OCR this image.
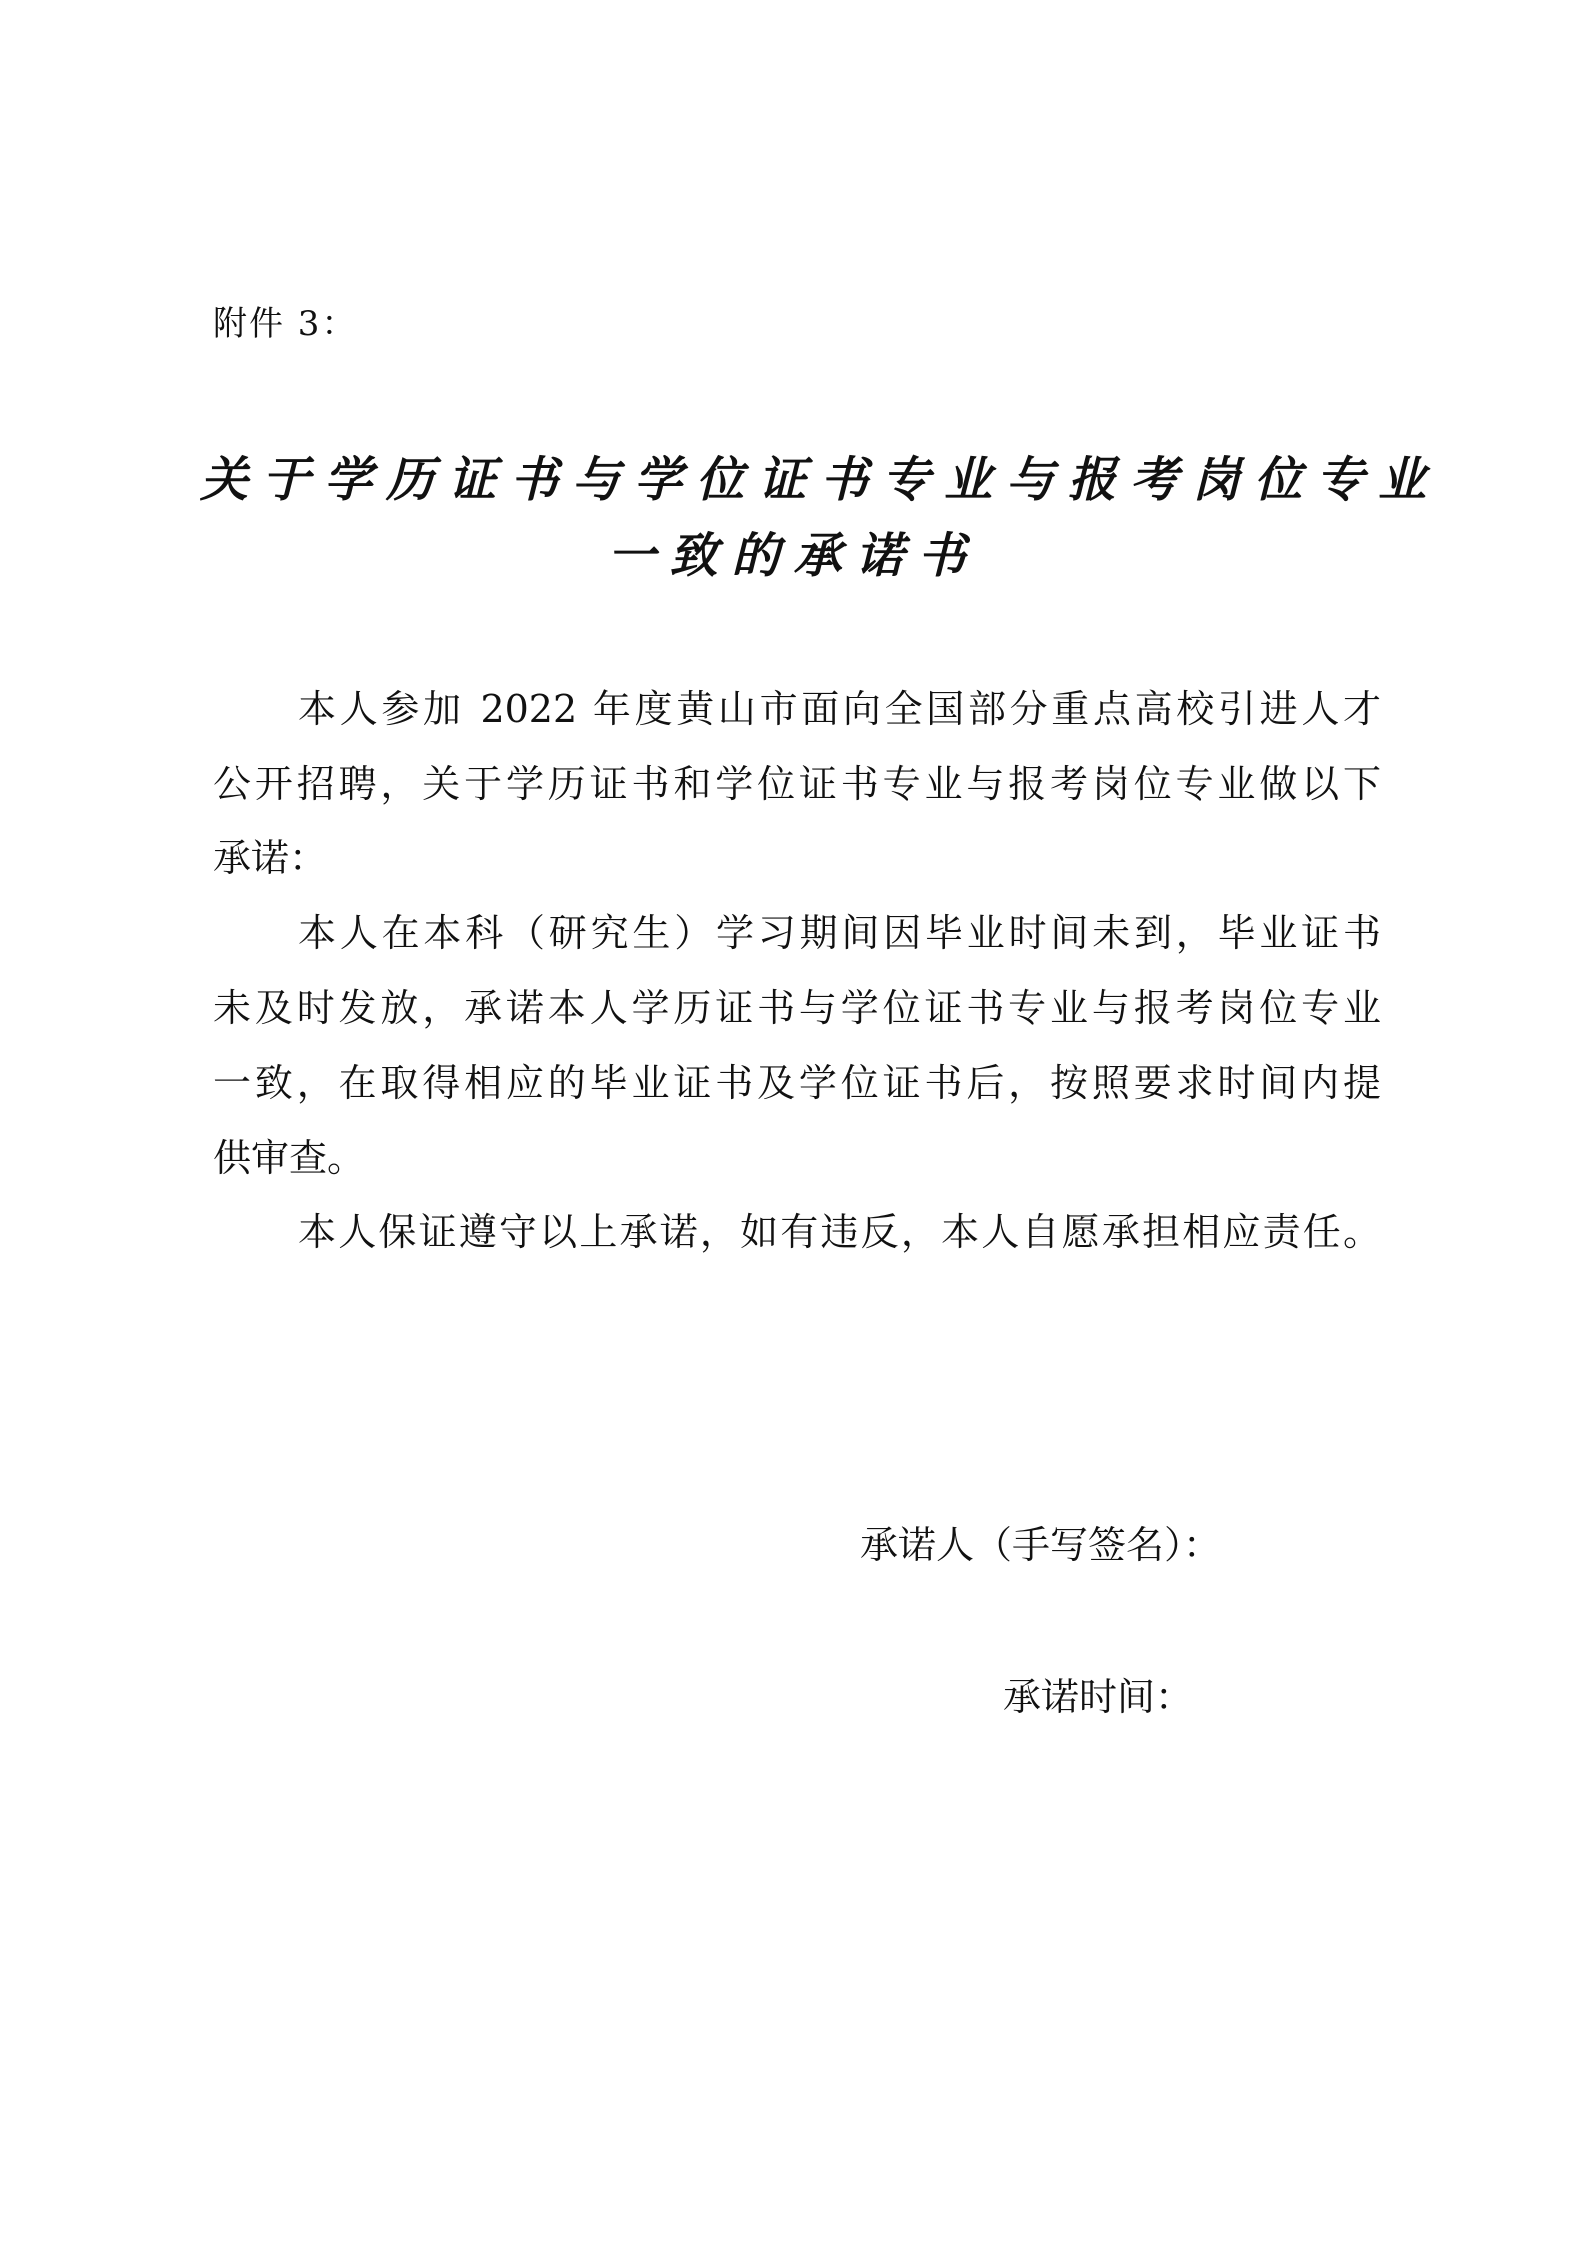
附件 3：
关于学历证书与学位证书专业与报考岗位专业
一致的承诺书
本人参加 2022 年度黄山市面向全国部分重点高校引进人才
公开招聘，关于学历证书和学位证书专业与报考岗位专业做以下
承诺：
本人在本科（研究生）学习期间因毕业时间未到，毕业证书
未及时发放，承诺本人学历证书与学位证书专业与报考岗位专业
一致，在取得相应的毕业证书及学位证书后，按照要求时间内提
供审查。
本人保证遵守以上承诺，如有违反，本人自愿承担相应责任。
承诺人（手写签名）：
承诺时间：
